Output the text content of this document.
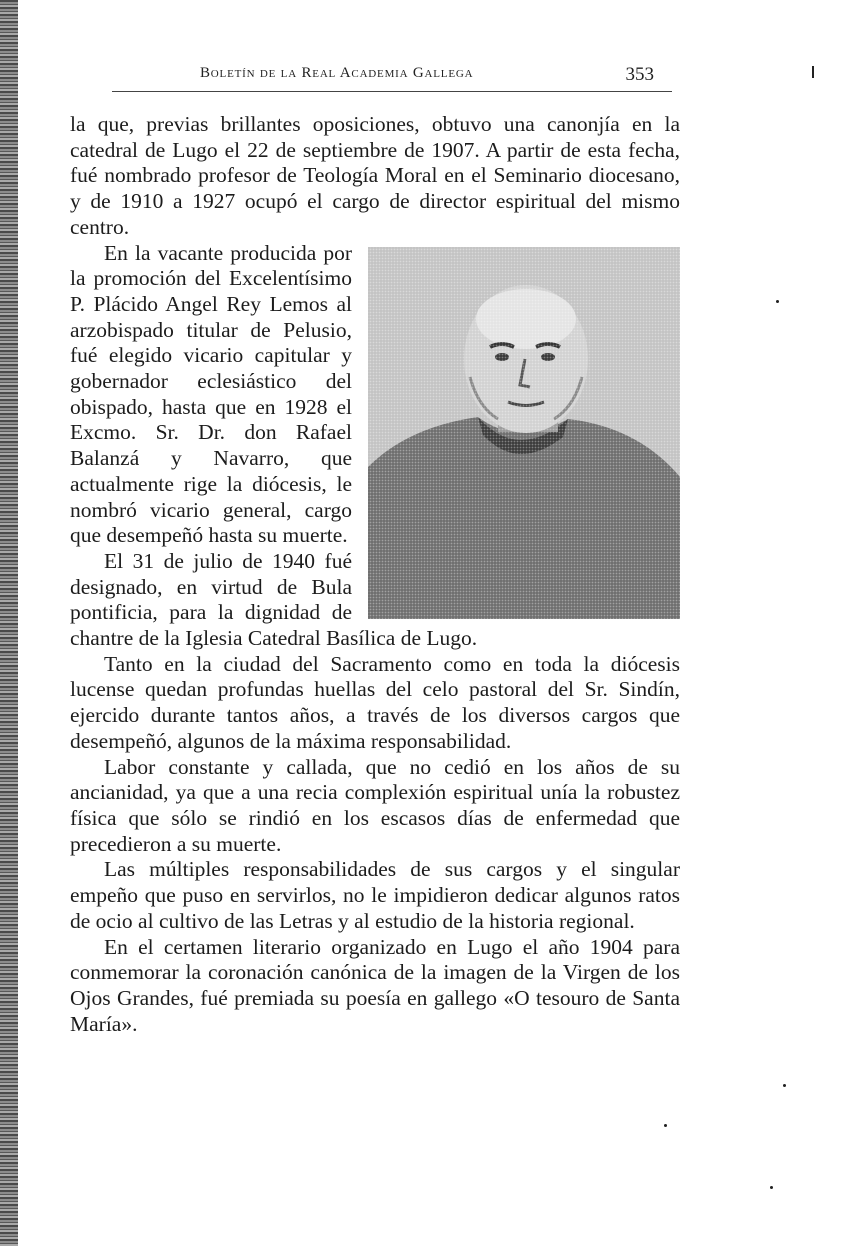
Boletín de la Real Academia Gallega	353

la que, previas brillantes oposiciones, obtuvo una canonjía en la catedral de Lugo el 22 de septiembre de 1907. A partir de esta fecha, fué nombrado profesor de Teología Moral en el Seminario diocesano, y de 1910 a 1927 ocupó el cargo de director espiritual del mismo centro.

En la vacante producida por la promoción del Excelentísimo P. Plácido Angel Rey Lemos al arzobispado titular de Pelusio, fué elegido vicario capitular y gobernador eclesiástico del obispado, hasta que en 1928 el Excmo. Sr. Dr. don Rafael Balanzá y Navarro, que actualmente rige la diócesis, le nombró vicario general, cargo que desempeñó hasta su muerte.

El 31 de julio de 1940 fué designado, en virtud de Bula pontificia, para la dignidad de chantre de la Iglesia Catedral Basílica de Lugo.

Tanto en la ciudad del Sacramento como en toda la diócesis lucense quedan profundas huellas del celo pastoral del Sr. Sindín, ejercido durante tantos años, a través de los diversos cargos que desempeñó, algunos de la máxima responsabilidad.

Labor constante y callada, que no cedió en los años de su ancianidad, ya que a una recia complexión espiritual unía la robustez física que sólo se rindió en los escasos días de enfermedad que precedieron a su muerte.

Las múltiples responsabilidades de sus cargos y el singular empeño que puso en servirlos, no le impidieron dedicar algunos ratos de ocio al cultivo de las Letras y al estudio de la historia regional.

En el certamen literario organizado en Lugo el año 1904 para conmemorar la coronación canónica de la imagen de la Virgen de los Ojos Grandes, fué premiada su poesía en gallego «O tesouro de Santa María».
